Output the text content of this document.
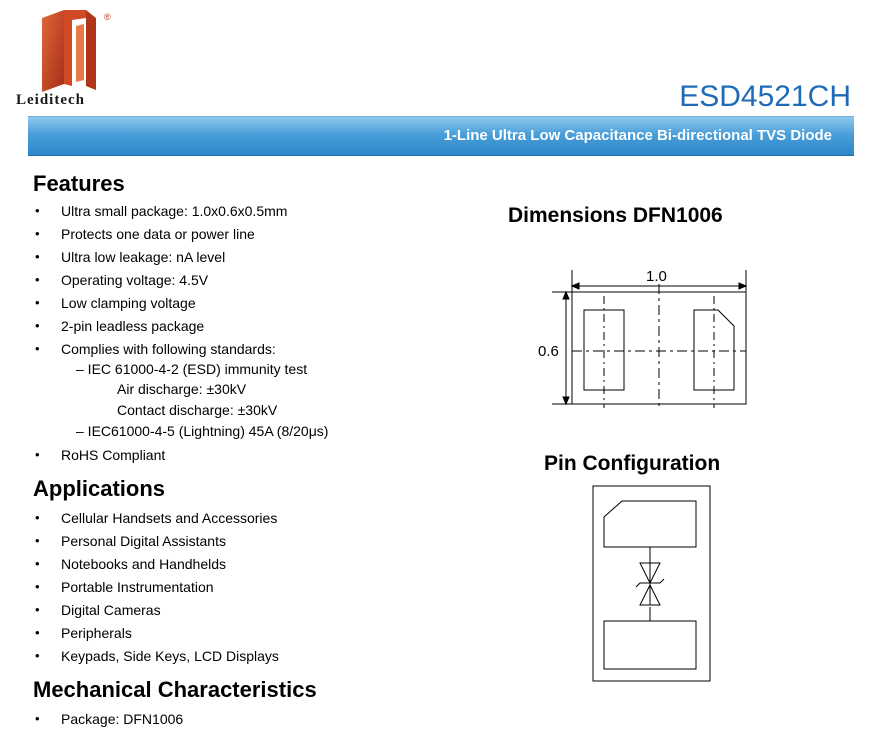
®
Leiditech	ESD4521CH
1-Line Ultra Low Capacitance Bi-directional TVS Diode
Features
• Ultra small package: 1.0x0.6x0.5mm
• Protects one data or power line
• Ultra low leakage: nA level
• Operating voltage: 4.5V
• Low clamping voltage
• 2-pin leadless package
• Complies with following standards:
– IEC 61000-4-2 (ESD) immunity test
Air discharge: ±30kV
Contact discharge: ±30kV
– IEC61000-4-5 (Lightning) 45A (8/20μs)
• RoHS Compliant
Applications
• Cellular Handsets and Accessories
• Personal Digital Assistants
• Notebooks and Handhelds
• Portable Instrumentation
• Digital Cameras
• Peripherals
• Keypads, Side Keys, LCD Displays
Mechanical Characteristics
• Package: DFN1006
Dimensions DFN1006
1.0
0.6
Pin Configuration
